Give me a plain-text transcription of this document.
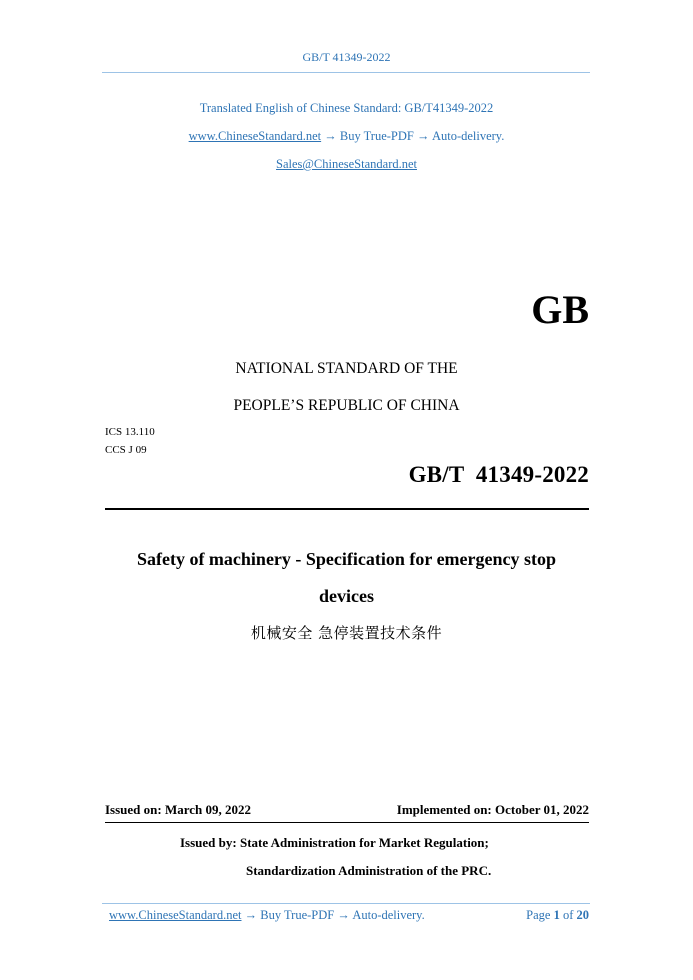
GB/T 41349-2022
Translated English of Chinese Standard: GB/T41349-2022
www.ChineseStandard.net → Buy True-PDF → Auto-delivery.
Sales@ChineseStandard.net
GB
NATIONAL STANDARD OF THE
PEOPLE’S REPUBLIC OF CHINA
ICS 13.110
CCS J 09
GB/T  41349-2022
Safety of machinery - Specification for emergency stop
devices
机械安全 急停装置技术条件
Issued on: March 09, 2022	Implemented on: October 01, 2022
Issued by: State Administration for Market Regulation;
Standardization Administration of the PRC.
www.ChineseStandard.net → Buy True-PDF → Auto-delivery.	Page 1 of 20
